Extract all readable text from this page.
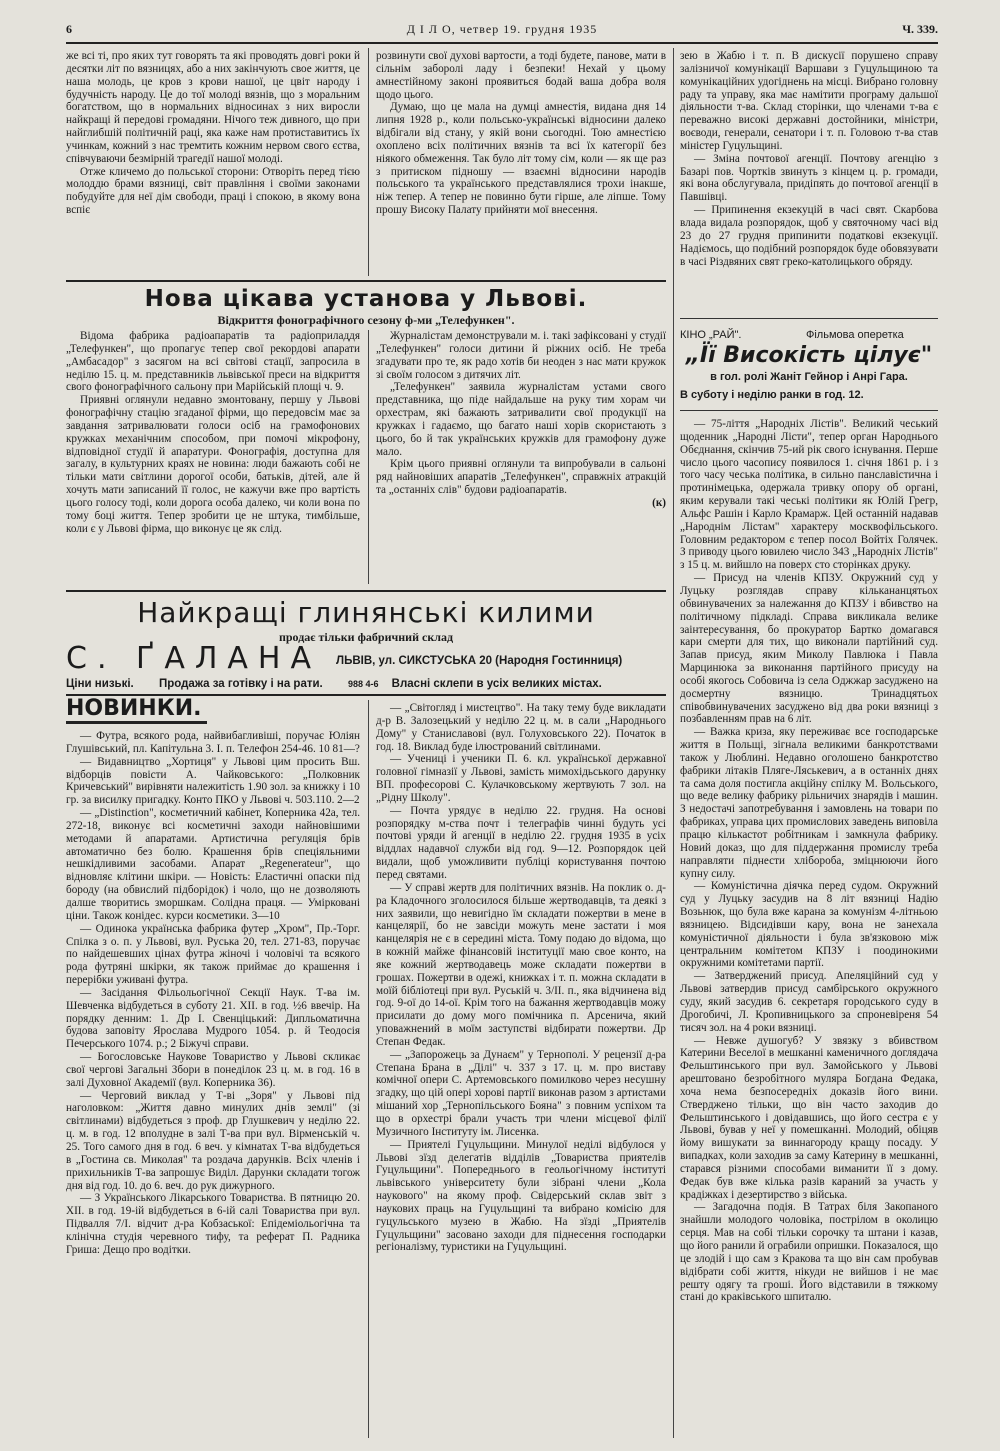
6	Д І Л О, четвер 19. грудня 1935	Ч. 339.

же всі ті, про яких тут говорять та які проводять довгі роки й десятки літ по вязницях, або а них закінчують свое життя, це наша молодь, це кров з крови нашої, це цвіт народу і будучність народу. Це до тої молоді вязнів, що з моральним богатством, що в нормальних відносинах з них виросли найкращі й передові громадяни. Нічого теж дивного, що при найглибшій політичній раці, яка каже нам протиставитись їх учинкам, кожний з нас тремтить кожним нервом свого єства, співчуваючи безмірній трагедії нашої молоді.

Отже кличемо до польської сторони: Отворіть перед тією молоддю брами вязниці, світ правління і своїми законами побудуйте для неї дім свободи, праці і спокою, в якому вона вспіє

розвинути свої духові вартости, а тоді будете, панове, мати в сільнім заборолі ладу і безпеки! Нехай у цьому амнестійному законі проявиться бодай ваша добра воля щодо цього.

Думаю, що це мала на думці амнестія, видана дня 14 липня 1928 р., коли польсько-українські відносини далеко відбігали від стану, у якій вони сьогодні. Тою амнестією охоплено всіх політичних вязнів та всі їх категорії без ніякого обмеження. Так було літ тому сім, коли — як ще раз з притиском підношу — взаємні відносини народів польського та українського представлялися трохи інакше, ніж тепер. А тепер не повинно бути гірше, але ліпше. Тому прошу Високу Палату прийняти мої внесення.

зею в Жабю і т. п. В дискусії порушено справу залізничої комунікації Варшави з Гуцульщиною та комунікаційних удогіднень на місці. Вибрано головну раду та управу, яка має намітити програму дальшої діяльности т-ва. Склад сторінки, що членами т-ва є переважно високі державні достойники, міністри, воєводи, генерали, сенатори і т. п. Головою т-ва став міністер Гуцульщині.

— Зміна почтової агенції. Почтову агенцію з Базарі пов. Чортків звинуть з кінцем ц. р. громади, які вона обслугувала, придіпять до почтової агенції в Павшівці.

— Припинення екзекуцій в часі свят. Скарбова влада видала розпорядок, щоб у святочному часі від 23 до 27 грудня припинити податкові екзекуції. Надіємось, що подібний розпорядок буде обовязувати в часі Різдвяних свят греко-католицького обряду.

КІНО „РАЙ".	Фільмова оперетка
„Її Високість цілує"
в гол. ролі Жаніт Гейнор і Анрі Гара.
В суботу і неділю ранки в год. 12.

— 75-ліття „Народніх Лістів". Великий чеський щоденник „Народні Лісти", тепер орган Народнього Обєднання, скінчив 75-ий рік свого існування. Перше число цього часопису появилося 1. січня 1861 р. і з того часу чеська політика, в сильно панславістична і протинімецька, одержала тривку опору об органі, яким керували такі чеські політики як Юлій Грегр, Альфс Рашін і Карло Крамарж. Цей останній надавав „Народнім Лістам" характеру москвофільського. Головним редактором є тепер посол Войтіх Голячек. З приводу цього ювилею число 343 „Народніх Лістів" з 15 ц. м. вийшло на поверх сто сторінках друку.

— Присуд на членів КПЗУ. Окружний суд у Луцьку розглядав справу кількананцятьох обвинувачених за належання до КПЗУ і вбивство на політичному підкладі. Справа викликала велике заінтересування, бо прокуратор Бартко домагався кари смерти для тих, що виконали партійний суд. Запав присуд, яким Миколу Павлюка і Павла Марцинюка за виконання партійного присуду на особі якогось Собовича із села Оджжар засуджено на досмертну вязницю. Тринадцятьох співобвинувачених засуджено від два роки вязниці з позбавленням прав на 6 літ.

— Важка криза, яку переживає все господарське життя в Польщі, зігнала великими банкротствами також у Люблині. Недавно оголошено банкротство фабрики літаків Пляге-Ляськевич, а в останніх днях та сама доля постигла акційну спілку М. Вольського, що веде велику фабрику рільничих знарядів і машин. З недостачі запотребування і замовлень на товари по фабриках, управа цих промислових заведень виповіла працю кількастот робітникам і замкнула фабрику. Новий доказ, що для піддержання промислу треба направляти піднести хлібороба, зміцнюючи його купну силу.

— Комуністична діячка перед судом. Окружний суд у Луцьку засудив на 8 літ вязниці Надію Возьнюк, що була вже карана за комунізм 4-літньою вязницею. Відсидівши кару, вона не занехала комуністичної діяльности і була зв'язковою між центральним комітетом КПЗУ і поодинокими окружними комітетами партії.

— Затверджений присуд. Апеляційний суд у Львові затвердив присуд самбірського окружного суду, який засудив 6. секретаря городського суду в Дрогобичі, Л. Кропивницького за спроневіреня 54 тисяч зол. на 4 роки вязниці.

— Невже душогуб? У звязку з вбивством Катерини Веселої в мешканні каменичного доглядача Фельштинського при вул. Замойського у Львові арештовано безробітного муляра Богдана Федака, хоча нема безпосередніх доказів його вини. Стверджено тільки, що він часто заходив до Фельштинського і довідавшись, що його сестра є у Львові, бував у неї у помешканні. Молодий, обіцяв йому вишукати за виннагороду кращу посаду. У випадках, коли заходив за саму Катерину в мешканні, старався різними способами виманити її з дому. Федак був вже кілька разів караний за участь у крадіжках і дезертирство з війська.

— Загадочна подія. В Татрах біля Закопаного знайшли молодого чоловіка, пострілом в околицю серця. Мав на собі тільки сорочку та штани і казав, що його ранили й ограбили опришки. Показалося, що це злодій і що сам з Кракова та що він сам пробував відібрати собі життя, нікуди не вийшов і не має решту одягу та гроші. Його відставили в тяжкому стані до краківського шпиталю.

Нова цікава установа у Львові.
Відкриття фонографічного сезону ф-ми „Телефункен".

Відома фабрика радіоапаратів та радіоприладдя „Телефункен", що пропагує тепер свої рекордові апарати „Амбасадор" з засягом на всі світові стації, запросила в неділю 15. ц. м. представників львівської преси на відкриття свого фонографічного сальону при Марійській площі ч. 9.

Приявні оглянули недавно змонтовану, першу у Львові фонографічну стацію згаданої фірми, що передовсім має за завдання затривалювати голоси осіб на грамофонових кружках механічним способом, при помочі мікрофону, відповідної студії й апаратури. Фонографія, доступна для загалу, в культурних краях не новина: люди бажають собі не тільки мати світлини дорогої особи, батьків, дітей, але й хочуть мати записаний її голос, не кажучи вже про вартість цього голосу тоді, коли дорога особа далеко, чи коли вона по тому боці життя. Тепер зробити це не штука, тимбільше, коли є у Львові фірма, що виконує це як слід.

Журналістам демонстрували м. і. такі зафіксовані у студії „Телефункен" голоси дитини й ріжних осіб. Не треба згадувати про те, як радо хотів би неоден з нас мати кружок зі своїм голосом з дитячих літ.

„Телефункен" заявила журналістам устами свого представника, що піде найдальше на руку тим хорам чи орхестрам, які бажають затривалити свої продукції на кружках і гадаємо, що багато наші хорів скористають з цього, бо й так українських кружків для грамофону дуже мало.

Крім цього приявні оглянули та випробували в сальоні ряд найновіших апаратів „Телефункен", справжніх атракцій та „останніх слів" будови радіоапаратів.

(к)

Найкращі глинянські килими
продає тільки фабричний склад
С. ҐАЛАНА ЛЬВІВ, ул. СИКСТУСЬКА 20 (Народня Гостинниця)
Ціни низькі. Продажа за готівку і на рати.	988 4-6 Власні склепи в усіх великих містах.
НОВИНКИ.

— Футра, всякого рода, найвибагливіші, поручає Юліян Глушівський, пл. Капітульна 3. І. п. Телефон 254-46. 10 81—?

— Видавництво „Хортиця" у Львові цим просить Вш. відборців повісти А. Чайковського: „Полковник Кричевський" вирівняти належитість 1.90 зол. за книжку і 10 гр. за виcилку пригадку. Конто ПКО у Львові ч. 503.110. 2—2

— „Distinction", косметичний кабінет, Коперника 42а, тел. 272-18, виконує всі косметичні заходи найновішими методами й апаратами. Артистична регуляція брів автоматично без болю. Крашення брів спеціяльними нешкідливими засобами. Апарат „Regenerateur", що відновляє клітини шкіри. — Новість: Еластичні опаски під бороду (на обвислий підборідок) і чоло, що не дозволяють далше творитись зморшкам. Солідна праця. — Уміркованi ціни. Також конідес. курси косметики. 3—10

— Одинока українська фабрика футер „Хром", Пр.-Торг. Спілка з о. п. у Львові, вул. Руська 20, тел. 271-83, поручає по найдешевших цінах футра жіночі і чоловічі та всякого рода футряні шкірки, як також приймає до крашення і перерібки уживані футра.

— Засідання Фільольогічної Секції Наук. Т-ва ім. Шевченка відбудеться в суботу 21. XII. в год. ½6 ввечір. На порядку денним: 1. Др І. Свенціцький: Дипльоматична будова заповіту Ярослава Мудрого 1054. р. й Теодосія Печерського 1074. р.; 2 Біжучі справи.

— Богословське Наукове Товариство у Львові скликає свої чергові Загальні Збори в понеділок 23 ц. м. в год. 16 в залі Духовної Академії (вул. Коперника 36).

— Черговий виклад у Т-ві „Зоря" у Львові під наголовком: „Життя давно минулих днів землі" (зі світлинами) відбудеться з проф. др Глушкевич у неділю 22. ц. м. в год. 12 вполудне в залі Т-ва при вул. Вірменській ч. 25. Того самого дня в год. 6 веч. у кімнатах Т-ва відбудеться в „Гостина св. Миколая" та роздача дарунків. Всіх членів і прихильників Т-ва запрошує Виділ. Дарунки складати тогож дня від год. 10. до 6. веч. до рук дижурного.

— З Українського Лікарського Товариства. В пятницю 20. XII. в год. 19-ій відбудеться в 6-ій салі Товариства при вул. Підвалля 7/І. відчит д-ра Кобзаської: Епідеміольогічна та клінічна студія черевного тифу, та реферат П. Радника Гриша: Дещо про водітки.

— „Світогляд і мистецтво". На таку тему буде викладати д-р В. Залозецький у неділю 22 ц. м. в сали „Народнього Дому" у Станиславові (вул. Голуховського 22). Початок в год. 18. Виклад буде ілюстрований світлинами.

— Учениці і ученики П. 6. кл. української державної головної гімназії у Львові, замість мимохідьського дарунку ВП. професорові С. Кулачковському жертвують 7 зол. на „Рідну Школу".

— Почта урядує в неділю 22. грудня. На основі розпорядку м-ства почт і телеграфів чинні будуть усі почтові уряди й агенції в неділю 22. грудня 1935 в усіх віддлах надавчої служби від год. 9—12. Розпорядок цей видали, щоб уможливити публіці користування почтою перед святами.

— У справі жертв для політичних вязнів. На поклик о. д-ра Кладочного зголосилося більше жертводавців, та деякі з них заявили, що невигідно їм складати пожертви в мене в канцелярії, бо не завсіди можуть мене застати і моя канцелярія не є в середині міста. Тому подаю до відома, що в кожній майже фінансовій інституції маю свое конто, на яке кожний жертводавець може складати пожертви в грошах. Пожертви в одежі, книжках і т. п. можна складати в моїй бібліотеці при вул. Руській ч. 3/ІІ. п., яка відчинена від год. 9-ої до 14-ої. Крім того на бажання жертводавців можу присилати до дому мого помічника п. Арсенича, який уповажнений в моїм заступстві відбирати пожертви. Др Степан Федак.

— „Запорожець за Дунаєм" у Тернополі. У рецензії д-ра Степана Брана в „Ділі" ч. 337 з 17. ц. м. про виставу комічної опери С. Артемовського помилково через несушну згадку, що цій опері хорові партії виконав разом з артистами мішаний хор „Тернопільського Бояна" з повним успіхом та що в орхестрі брали участь три члени місцевої філії Музичного Інституту ім. Лисенка.

— Приятелі Гуцульщини. Минулої неділі відбулося у Львові зїзд делегатів відділів „Товариства приятелів Гуцульщини". Попереднього в геольогічному інституті львівського університету були зібрані члени „Кола наукового" на якому проф. Свідерський склав звіт з наукових праць на Гуцульщині та вибрано комісію для гуцульського музею в Жабю. На зїзді „Приятелів Гуцульщини" засовано заходи для піднесення господарки регіоналізму, туристики на Гуцульщині.
